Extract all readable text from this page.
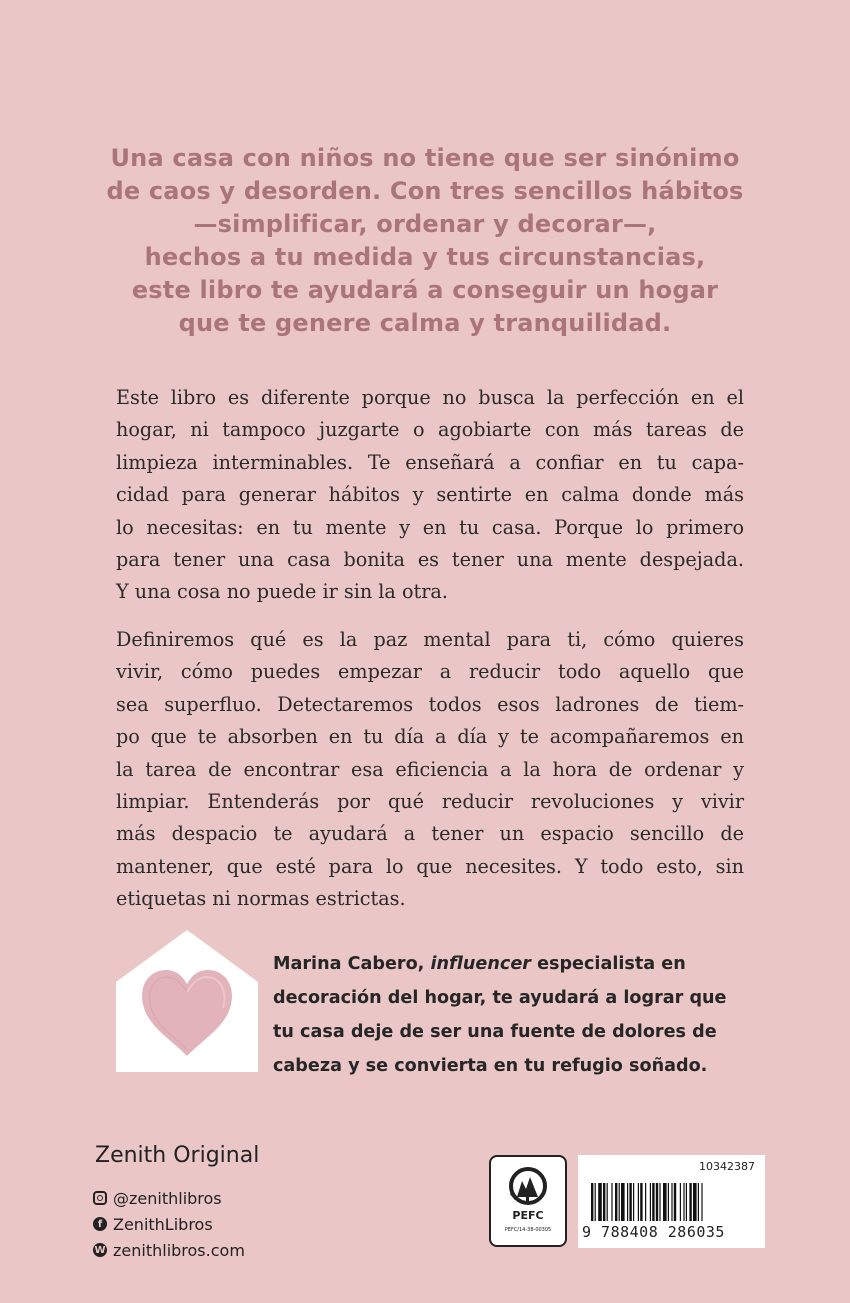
Una casa con niños no tiene que ser sinónimo
de caos y desorden. Con tres sencillos hábitos
—simplificar, ordenar y decorar—,
hechos a tu medida y tus circunstancias,
este libro te ayudará a conseguir un hogar
que te genere calma y tranquilidad.
Este libro es diferente porque no busca la perfección en el
hogar, ni tampoco juzgarte o agobiarte con más tareas de
limpieza interminables. Te enseñará a confiar en tu capa-
cidad para generar hábitos y sentirte en calma donde más
lo necesitas: en tu mente y en tu casa. Porque lo primero
para tener una casa bonita es tener una mente despejada.
Y una cosa no puede ir sin la otra.
Definiremos qué es la paz mental para ti, cómo quieres
vivir, cómo puedes empezar a reducir todo aquello que
sea superfluo. Detectaremos todos esos ladrones de tiem-
po que te absorben en tu día a día y te acompañaremos en
la tarea de encontrar esa eficiencia a la hora de ordenar y
limpiar. Entenderás por qué reducir revoluciones y vivir
más despacio te ayudará a tener un espacio sencillo de
mantener, que esté para lo que necesites. Y todo esto, sin
etiquetas ni normas estrictas.
Marina Cabero, influencer especialista en
decoración del hogar, te ayudará a lograr que
tu casa deje de ser una fuente de dolores de
cabeza y se convierta en tu refugio soñado.
Zenith Original
@zenithlibros
f ZenithLibros
W zenithlibros.com
PEFC
PEFC/14-38-00305
10342387
9 788408 286035
